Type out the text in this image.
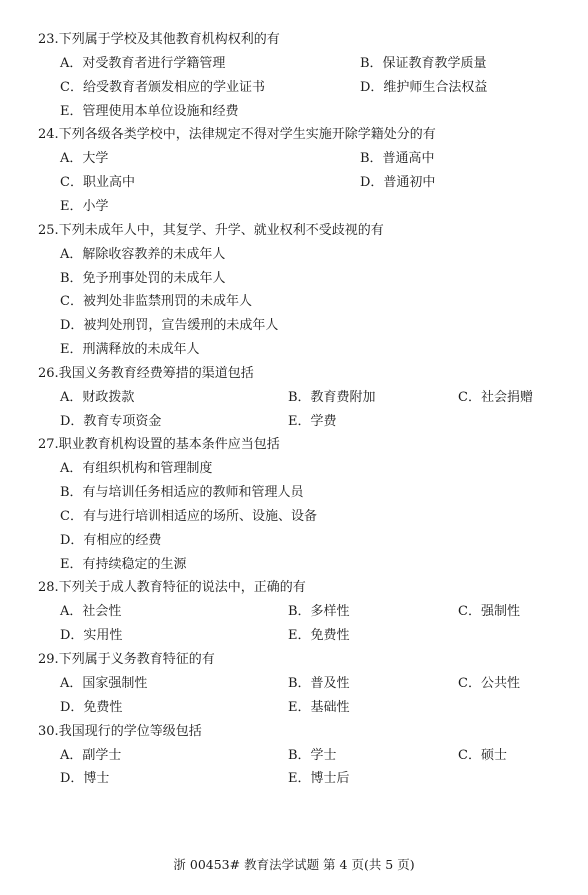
23.下列属于学校及其他教育机构权利的有
A．对受教育者进行学籍管理	B．保证教育教学质量
C．给受教育者颁发相应的学业证书	D．维护师生合法权益
E．管理使用本单位设施和经费
24.下列各级各类学校中，法律规定不得对学生实施开除学籍处分的有
A．大学	B．普通高中
C．职业高中	D．普通初中
E．小学
25.下列未成年人中，其复学、升学、就业权利不受歧视的有
A．解除收容教养的未成年人
B．免予刑事处罚的未成年人
C．被判处非监禁刑罚的未成年人
D．被判处刑罚，宣告缓刑的未成年人
E．刑满释放的未成年人
26.我国义务教育经费筹措的渠道包括
A．财政拨款	B．教育费附加	C．社会捐赠
D．教育专项资金	E．学费
27.职业教育机构设置的基本条件应当包括
A．有组织机构和管理制度
B．有与培训任务相适应的教师和管理人员
C．有与进行培训相适应的场所、设施、设备
D．有相应的经费
E．有持续稳定的生源
28.下列关于成人教育特征的说法中，正确的有
A．社会性	B．多样性	C．强制性
D．实用性	E．免费性
29.下列属于义务教育特征的有
A．国家强制性	B．普及性	C．公共性
D．免费性	E．基础性
30.我国现行的学位等级包括
A．副学士	B．学士	C．硕士
D．博士	E．博士后
浙 00453# 教育法学试题 第 4 页(共 5 页)
